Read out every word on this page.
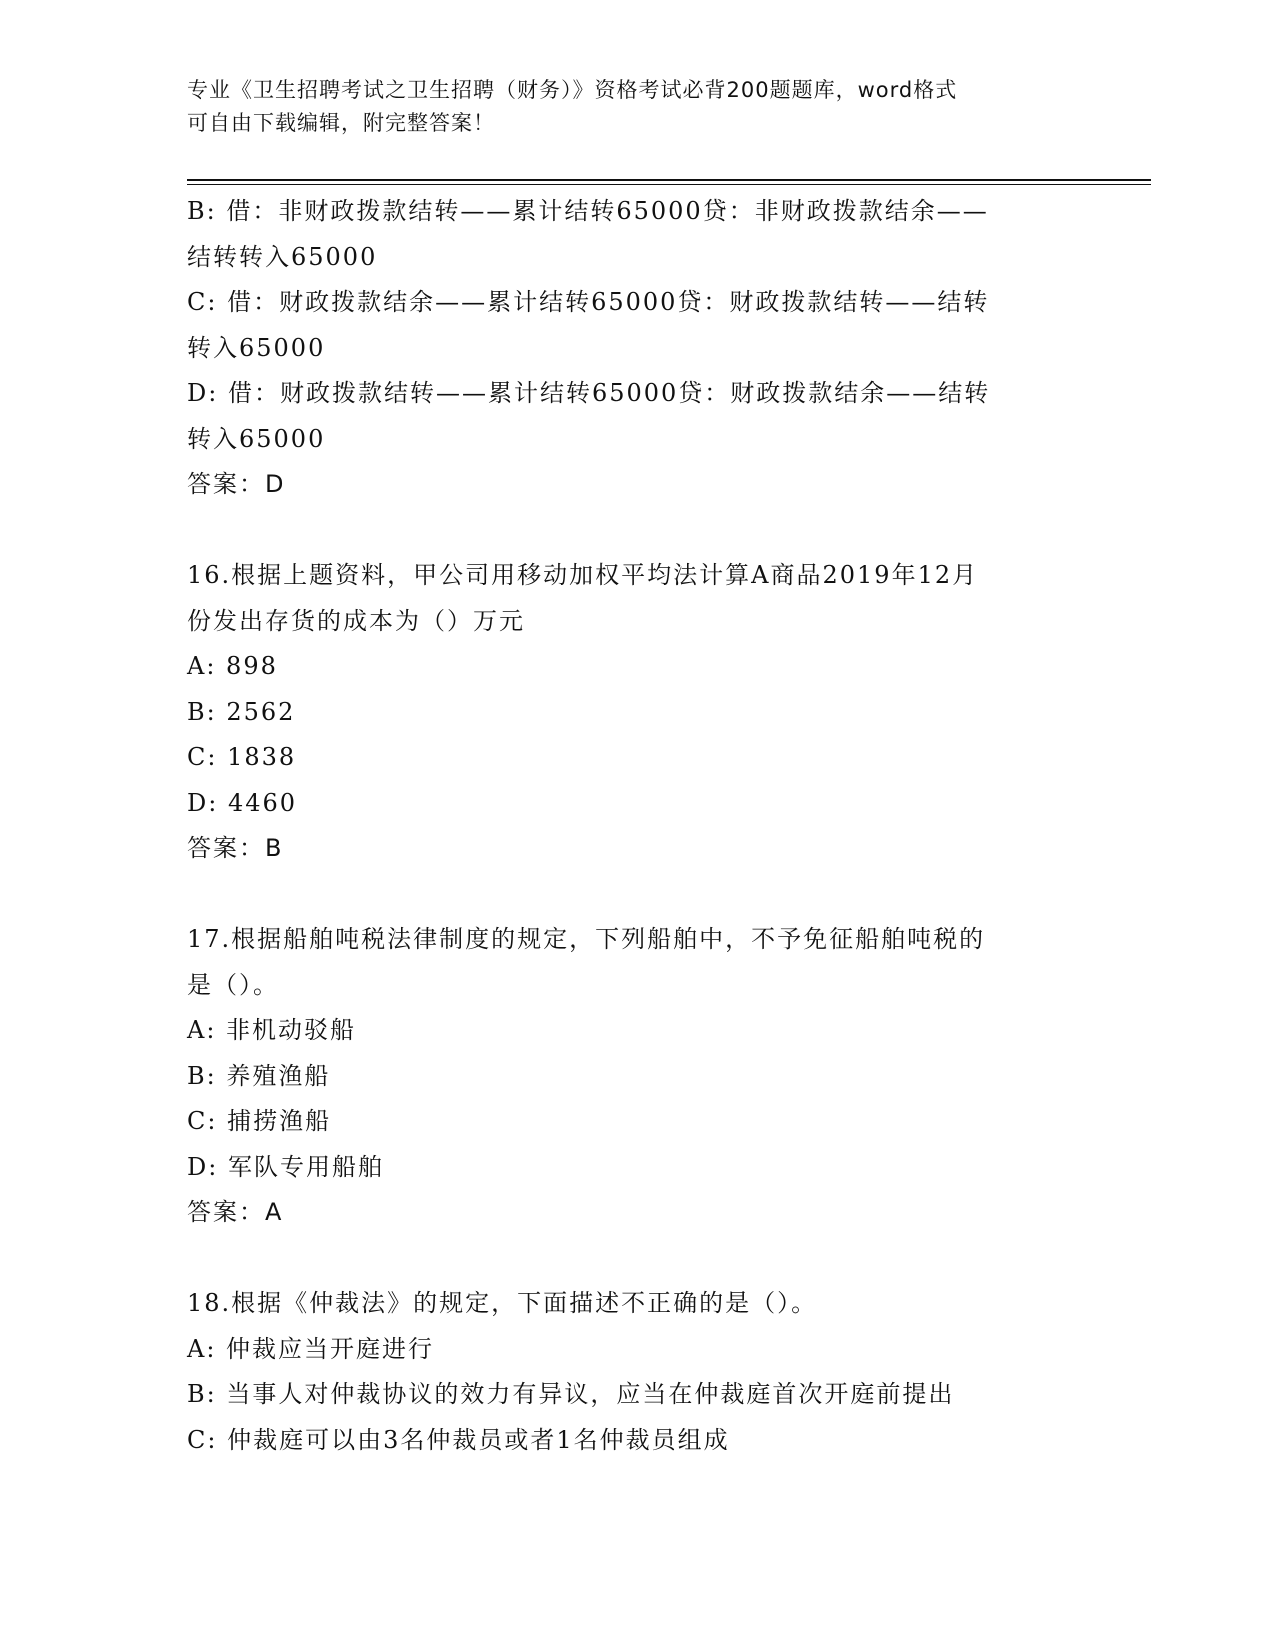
专业《卫生招聘考试之卫生招聘（财务）》资格考试必背200题题库，word格式
可自由下载编辑，附完整答案！
B: 借：非财政拨款结转——累计结转65000贷：非财政拨款结余——
结转转入65000
C: 借：财政拨款结余——累计结转65000贷：财政拨款结转——结转
转入65000
D: 借：财政拨款结转——累计结转65000贷：财政拨款结余——结转
转入65000
答案：D
16.根据上题资料，甲公司用移动加权平均法计算A商品2019年12月
份发出存货的成本为（）万元
A: 898
B: 2562
C: 1838
D: 4460
答案：B
17.根据船舶吨税法律制度的规定，下列船舶中，不予免征船舶吨税的
是（）。
A: 非机动驳船
B: 养殖渔船
C: 捕捞渔船
D: 军队专用船舶
答案：A
18.根据《仲裁法》的规定，下面描述不正确的是（）。
A: 仲裁应当开庭进行
B: 当事人对仲裁协议的效力有异议，应当在仲裁庭首次开庭前提出
C: 仲裁庭可以由3名仲裁员或者1名仲裁员组成
